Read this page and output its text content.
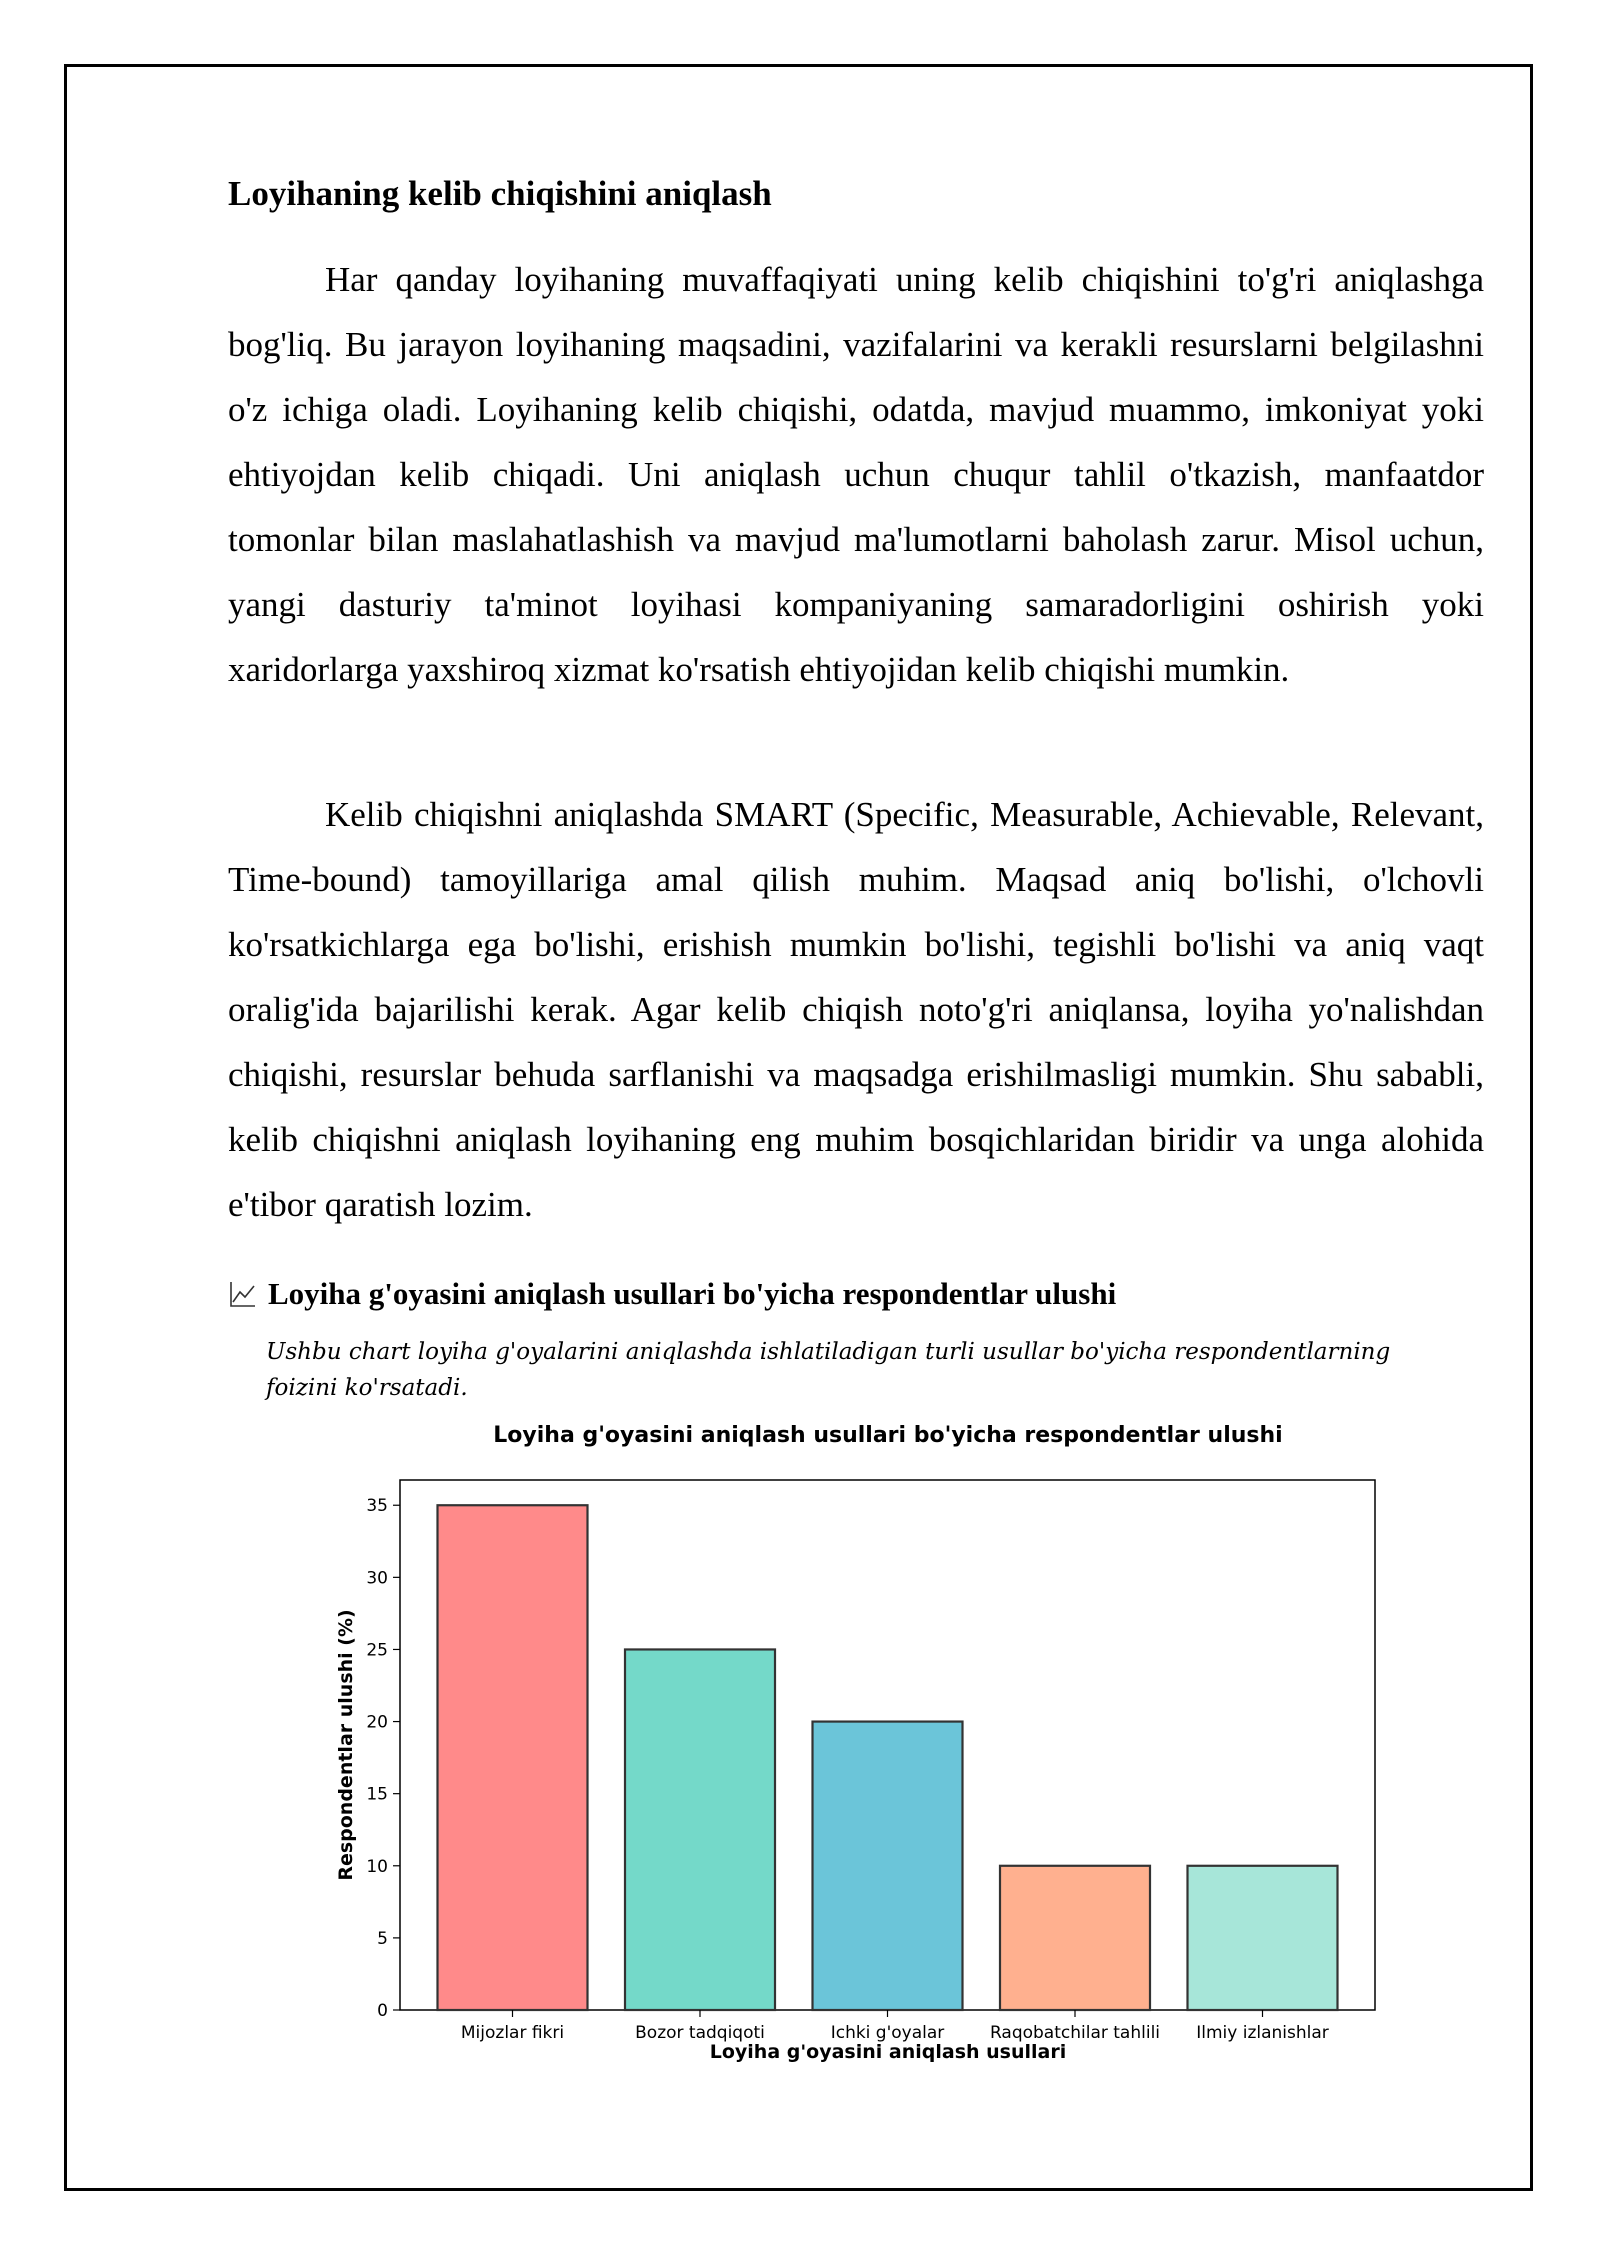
Loyihaning kelib chiqishini aniqlash

Har qanday loyihaning muvaffaqiyati uning kelib chiqishini to'g'ri aniqlashga bog'liq. Bu jarayon loyihaning maqsadini, vazifalarini va kerakli resurslarni belgilashni o'z ichiga oladi. Loyihaning kelib chiqishi, odatda, mavjud muammo, imkoniyat yoki ehtiyojdan kelib chiqadi. Uni aniqlash uchun chuqur tahlil o'tkazish, manfaatdor tomonlar bilan maslahatlashish va mavjud ma'lumotlarni baholash zarur. Misol uchun, yangi dasturiy ta'minot loyihasi kompaniyaning samaradorligini oshirish yoki xaridorlarga yaxshiroq xizmat ko'rsatish ehtiyojidan kelib chiqishi mumkin.

Kelib chiqishni aniqlashda SMART (Specific, Measurable, Achievable, Relevant, Time-bound) tamoyillariga amal qilish muhim. Maqsad aniq bo'lishi, o'lchovli ko'rsatkichlarga ega bo'lishi, erishish mumkin bo'lishi, tegishli bo'lishi va aniq vaqt oralig'ida bajarilishi kerak. Agar kelib chiqish noto'g'ri aniqlansa, loyiha yo'nalishdan chiqishi, resurslar behuda sarflanishi va maqsadga erishilmasligi mumkin. Shu sababli, kelib chiqishni aniqlash loyihaning eng muhim bosqichlaridan biridir va unga alohida e'tibor qaratish lozim.

Loyiha g'oyasini aniqlash usullari bo'yicha respondentlar ulushi

Ushbu chart loyiha g'oyalarini aniqlashda ishlatiladigan turli usullar bo'yicha respondentlarning foizini ko'rsatadi.

Loyiha g'oyasini aniqlash usullari bo'yicha respondentlar ulushi
0
5
10
15
20
25
30
35
Mijozlar fikri	Bozor tadqiqoti	Ichki g'oyalar	Raqobatchilar tahlili Ilmiy izlanishlar
Loyiha g'oyasini aniqlash usullari
Respondentlar ulushi (%)
